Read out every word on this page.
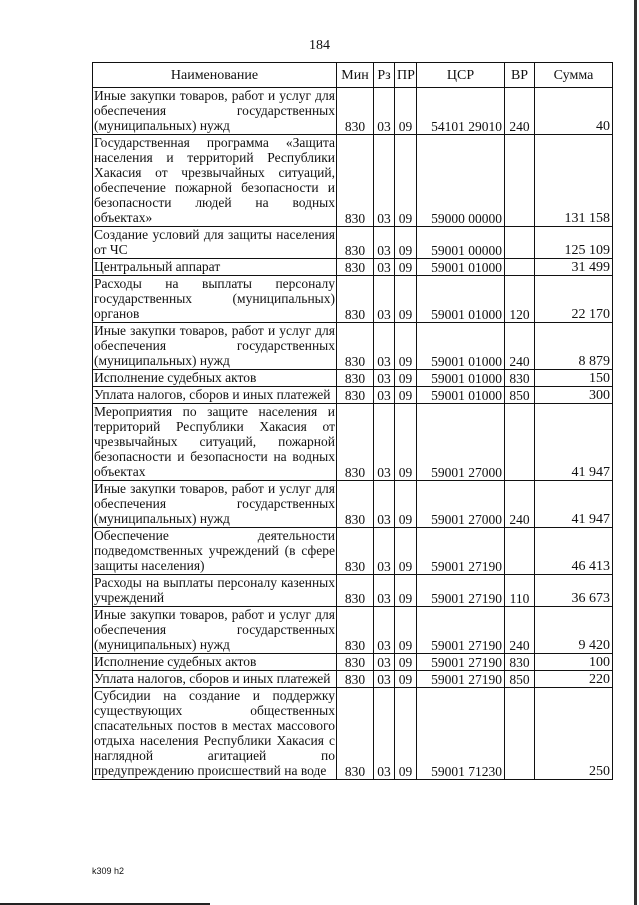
184
Наименование	Мин	Рз	ПР	ЦСР	ВР	Сумма
Иные закупки товаров, работ и услуг для обеспечения государственных (муниципальных) нужд	830	03	09	54101 29010	240	40
Государственная программа «Защита населения и территорий Республики Хакасия от чрезвычайных ситуаций, обеспечение пожарной безопасности и безопасности людей на водных объектах»	830	03	09	59000 00000		131 158
Создание условий для защиты населения от ЧС	830	03	09	59001 00000		125 109
Центральный аппарат	830	03	09	59001 01000		31 499
Расходы на выплаты персоналу государственных (муниципальных) органов	830	03	09	59001 01000	120	22 170
Иные закупки товаров, работ и услуг для обеспечения государственных (муниципальных) нужд	830	03	09	59001 01000	240	8 879
Исполнение судебных актов	830	03	09	59001 01000	830	150
Уплата налогов, сборов и иных платежей	830	03	09	59001 01000	850	300
Мероприятия по защите населения и территорий Республики Хакасия от чрезвычайных ситуаций, пожарной безопасности и безопасности на водных объектах	830	03	09	59001 27000		41 947
Иные закупки товаров, работ и услуг для обеспечения государственных (муниципальных) нужд	830	03	09	59001 27000	240	41 947
Обеспечение деятельности подведомственных учреждений (в сфере защиты населения)	830	03	09	59001 27190		46 413
Расходы на выплаты персоналу казенных учреждений	830	03	09	59001 27190	110	36 673
Иные закупки товаров, работ и услуг для обеспечения государственных (муниципальных) нужд	830	03	09	59001 27190	240	9 420
Исполнение судебных актов	830	03	09	59001 27190	830	100
Уплата налогов, сборов и иных платежей	830	03	09	59001 27190	850	220
Субсидии на создание и поддержку существующих общественных спасательных постов в местах массового отдыха населения Республики Хакасия с наглядной агитацией по предупреждению происшествий на воде	830	03	09	59001 71230		250
k309 h2
